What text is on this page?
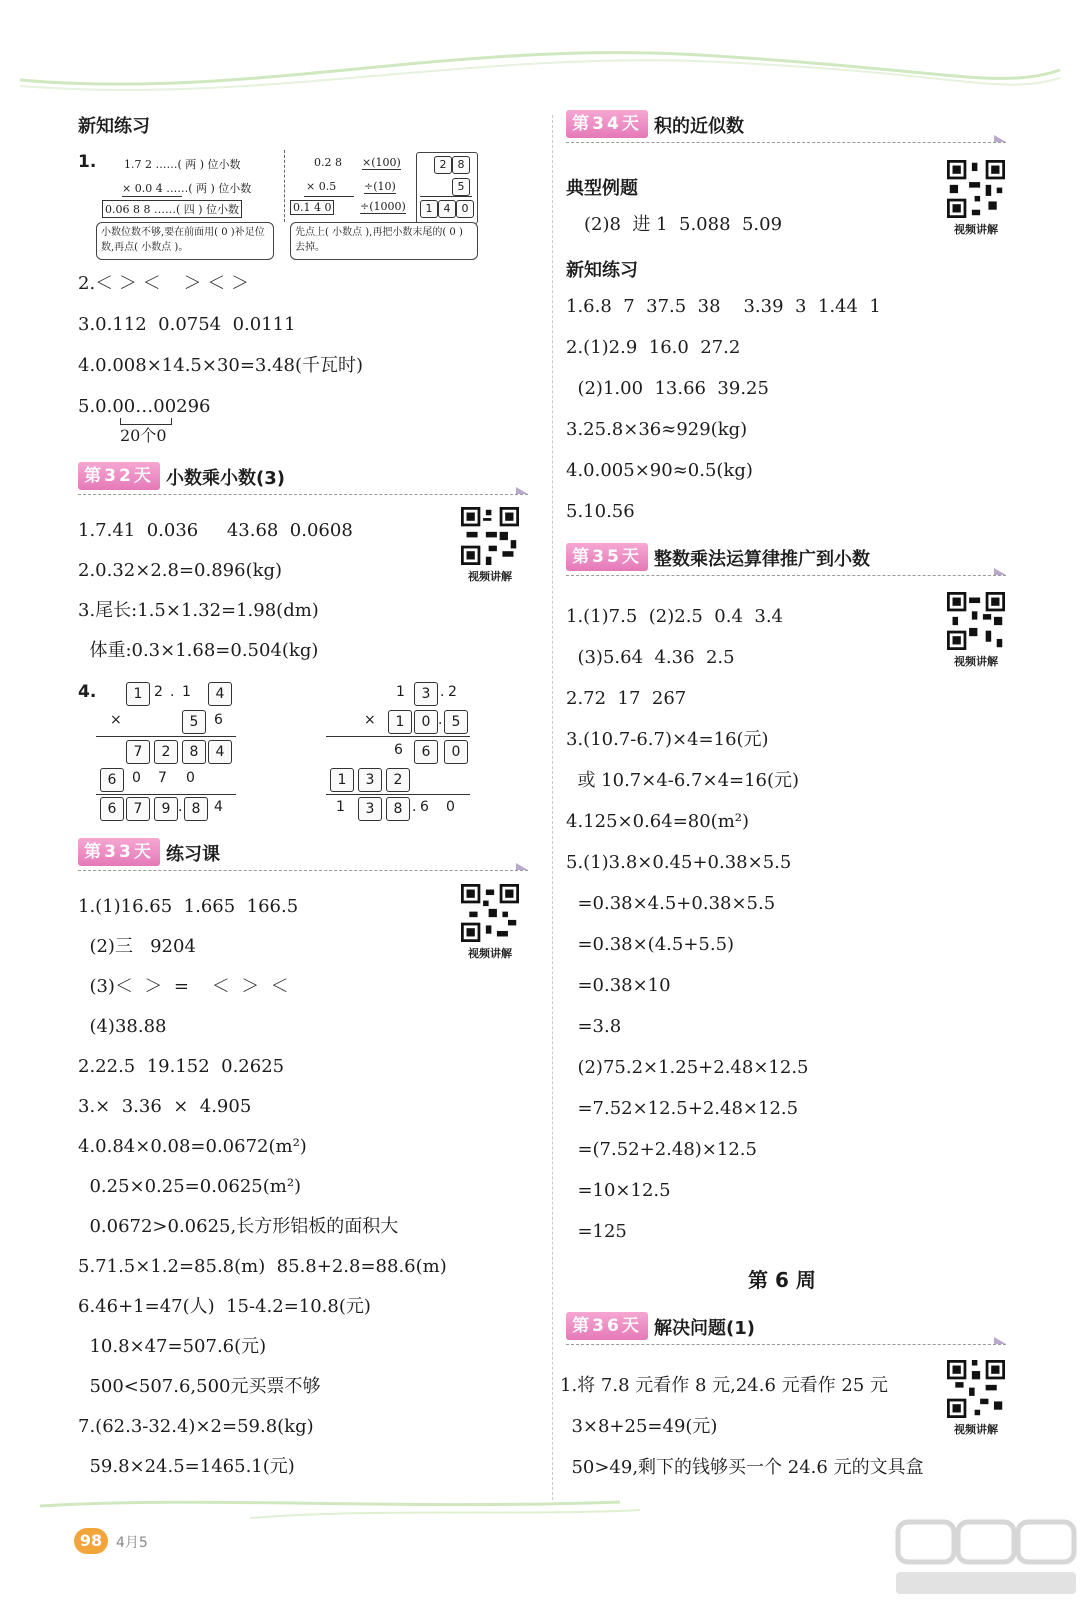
新知练习
1.	1.7 2 ……( 两 ) 位小数
× 0.0 4 ……( 两 ) 位小数
0.06 8 8 ……( 四 ) 位小数
小数位数不够,要在前面用( 0 )补足位数,再点( 小数点 )。
0.2 8
× 0.5
0.1 4 0
×(100)
÷(10)
÷(1000)
2	8
5
1	4	0
先点上( 小数点 ),再把小数末尾的( 0 )去掉。
2.＜ ＞ ＜    ＞ ＜ ＞
3.0.112  0.0754  0.0111
4.0.008×14.5×30=3.48(千瓦时)
5.0.00…00296
20个0
第32天 小数乘小数(3)
视频讲解
1.7.41  0.036     43.68  0.0608
2.0.32×2.8=0.896(kg)
3.尾长:1.5×1.32=1.98(dm)
体重:0.3×1.68=0.504(kg)
4.	1 2 . 1	4
×	5	6
7	2	8	4
6	0 7 0
6	7	9 . 8 4
1	3 . 2
×	1	0 . 5
6	6	0
1	3	2
1	3	8 . 6 0
第33天 练习课
视频讲解
1.(1)16.65  1.665  166.5
(2)三   9204
(3)＜  ＞  =    ＜  ＞  ＜
(4)38.88
2.22.5  19.152  0.2625
3.×  3.36  ×  4.905
4.0.84×0.08=0.0672(m²)
0.25×0.25=0.0625(m²)
0.0672>0.0625,长方形铝板的面积大
5.71.5×1.2=85.8(m)  85.8+2.8=88.6(m)
6.46+1=47(人)  15-4.2=10.8(元)
10.8×47=507.6(元)
500<507.6,500元买票不够
7.(62.3-32.4)×2=59.8(kg)
59.8×24.5=1465.1(元)
第34天 积的近似数
视频讲解
典型例题
(2)8  进 1  5.088  5.09
新知练习
1.6.8  7  37.5  38    3.39  3  1.44  1
2.(1)2.9  16.0  27.2
(2)1.00  13.66  39.25
3.25.8×36≈929(kg)
4.0.005×90≈0.5(kg)
5.10.56
第35天 整数乘法运算律推广到小数
视频讲解
1.(1)7.5  (2)2.5  0.4  3.4
(3)5.64  4.36  2.5
2.72  17  267
3.(10.7-6.7)×4=16(元)
或 10.7×4-6.7×4=16(元)
4.125×0.64=80(m²)
5.(1)3.8×0.45+0.38×5.5
=0.38×4.5+0.38×5.5
=0.38×(4.5+5.5)
=0.38×10
=3.8
(2)75.2×1.25+2.48×12.5
=7.52×12.5+2.48×12.5
=(7.52+2.48)×12.5
=10×12.5
=125
第 6 周
第36天 解决问题(1)
视频讲解
1.将 7.8 元看作 8 元,24.6 元看作 25 元
3×8+25=49(元)
50>49,剩下的钱够买一个 24.6 元的文具盒
98 4月5
